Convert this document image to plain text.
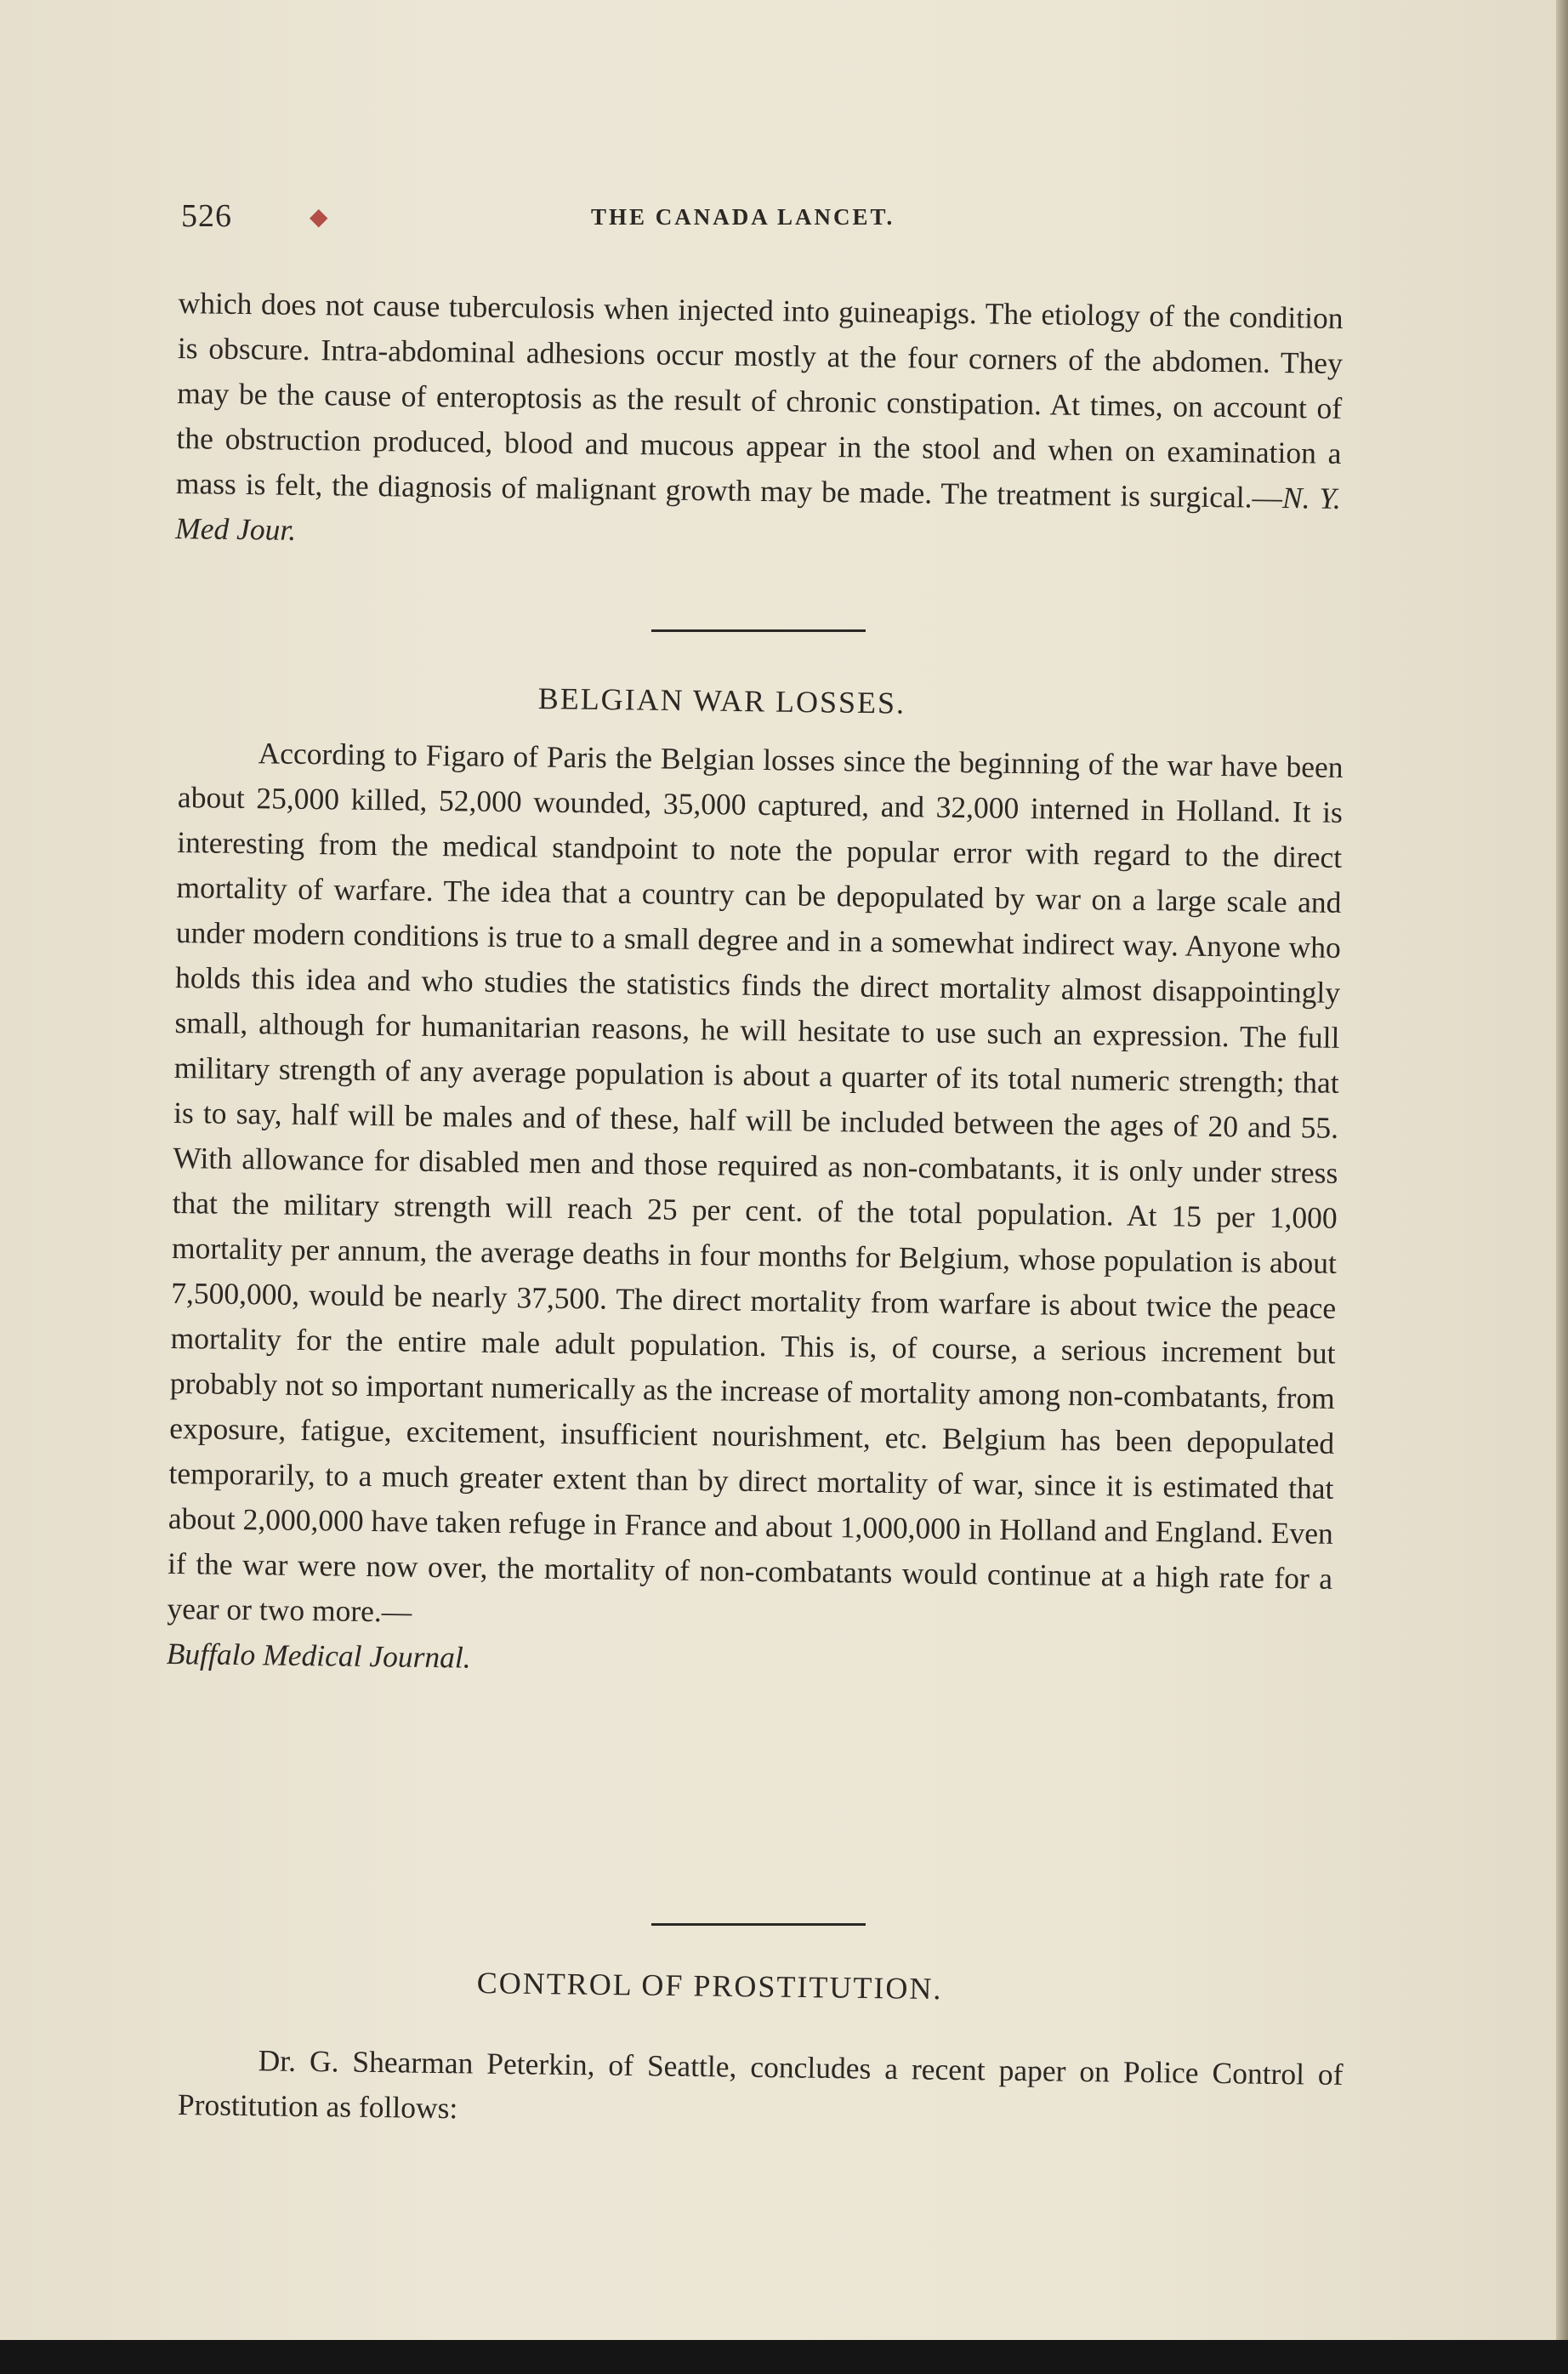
526	◆	THE CANADA LANCET.

which does not cause tuberculosis when injected into guineapigs. The etiology of the condition is obscure. Intra-abdominal adhesions occur mostly at the four corners of the abdomen. They may be the cause of enteroptosis as the result of chronic constipation. At times, on account of the obstruction produced, blood and mucous appear in the stool and when on examination a mass is felt, the diagnosis of malignant growth may be made. The treatment is surgical.—N. Y. Med Jour.

BELGIAN WAR LOSSES.

According to Figaro of Paris the Belgian losses since the beginning of the war have been about 25,000 killed, 52,000 wounded, 35,000 captured, and 32,000 interned in Holland. It is interesting from the medical standpoint to note the popular error with regard to the direct mortality of warfare. The idea that a country can be depopulated by war on a large scale and under modern conditions is true to a small degree and in a somewhat indirect way. Anyone who holds this idea and who studies the statistics finds the direct mortality almost disappointingly small, although for humanitarian reasons, he will hesitate to use such an expression. The full military strength of any average population is about a quarter of its total numeric strength; that is to say, half will be males and of these, half will be included between the ages of 20 and 55. With allowance for disabled men and those required as non-combatants, it is only under stress that the military strength will reach 25 per cent. of the total population. At 15 per 1,000 mortality per annum, the average deaths in four months for Belgium, whose population is about 7,500,000, would be nearly 37,500. The direct mortality from warfare is about twice the peace mortality for the entire male adult population. This is, of course, a serious increment but probably not so important numerically as the increase of mortality among non-combatants, from exposure, fatigue, excitement, insufficient nourishment, etc. Belgium has been depopulated temporarily, to a much greater extent than by direct mortality of war, since it is estimated that about 2,000,000 have taken refuge in France and about 1,000,000 in Holland and England. Even if the war were now over, the mortality of non-combatants would continue at a high rate for a year or two more.—
Buffalo Medical Journal.

CONTROL OF PROSTITUTION.

Dr. G. Shearman Peterkin, of Seattle, concludes a recent paper on Police Control of Prostitution as follows:
